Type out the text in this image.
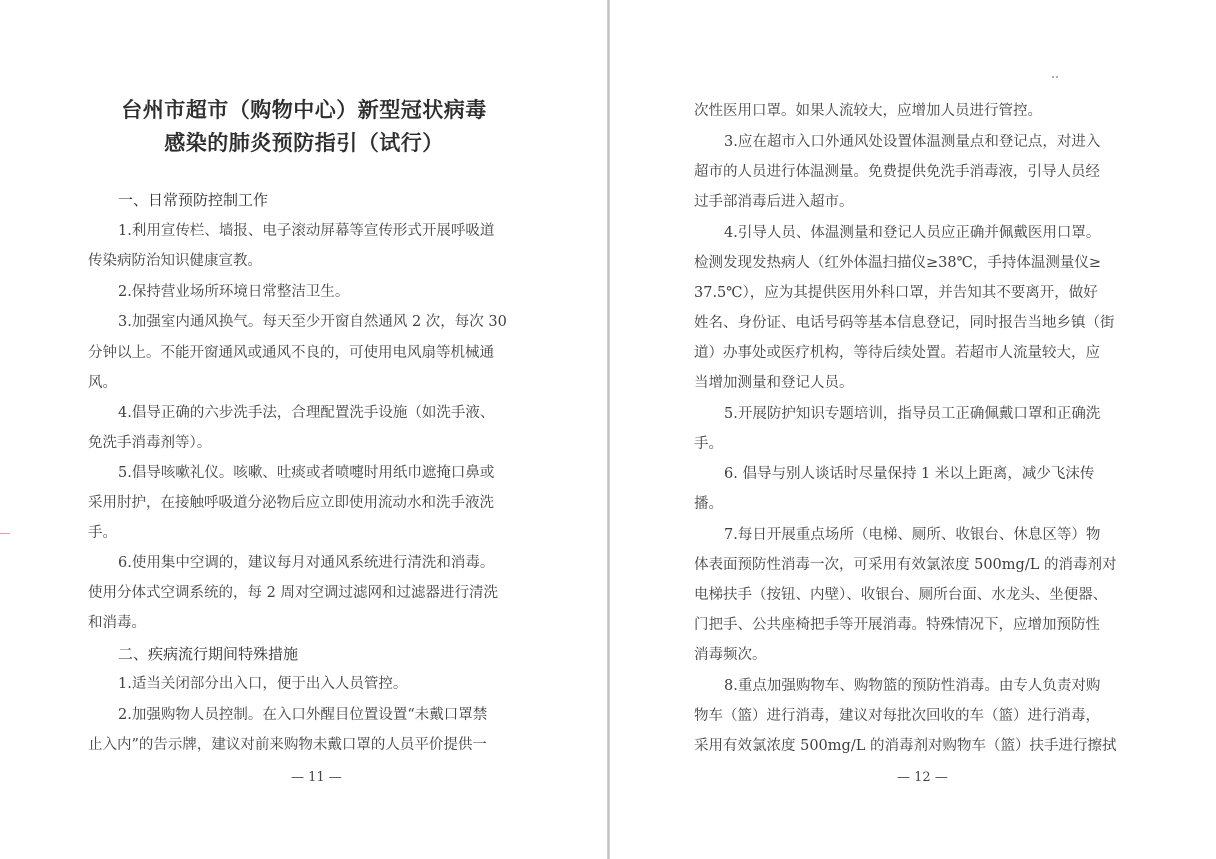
台州市超市（购物中心）新型冠状病毒
感染的肺炎预防指引（试行）
一、日常预防控制工作
1.利用宣传栏、墙报、电子滚动屏幕等宣传形式开展呼吸道
传染病防治知识健康宣教。
2.保持营业场所环境日常整洁卫生。
3.加强室内通风换气。每天至少开窗自然通风 2 次，每次 30
分钟以上。不能开窗通风或通风不良的，可使用电风扇等机械通
风。
4.倡导正确的六步洗手法，合理配置洗手设施（如洗手液、
免洗手消毒剂等）。
5.倡导咳嗽礼仪。咳嗽、吐痰或者喷嚏时用纸巾遮掩口鼻或
采用肘护，在接触呼吸道分泌物后应立即使用流动水和洗手液洗
手。
6.使用集中空调的，建议每月对通风系统进行清洗和消毒。
使用分体式空调系统的，每 2 周对空调过滤网和过滤器进行清洗
和消毒。
二、疾病流行期间特殊措施
1.适当关闭部分出入口，便于出入人员管控。
2.加强购物人员控制。在入口外醒目位置设置“未戴口罩禁
止入内”的告示牌，建议对前来购物未戴口罩的人员平价提供一
— 11 —
次性医用口罩。如果人流较大，应增加人员进行管控。
3.应在超市入口外通风处设置体温测量点和登记点，对进入
超市的人员进行体温测量。免费提供免洗手消毒液，引导人员经
过手部消毒后进入超市。
4.引导人员、体温测量和登记人员应正确并佩戴医用口罩。
检测发现发热病人（红外体温扫描仪≥38℃，手持体温测量仪≥
37.5℃），应为其提供医用外科口罩，并告知其不要离开，做好
姓名、身份证、电话号码等基本信息登记，同时报告当地乡镇（街
道）办事处或医疗机构，等待后续处置。若超市人流量较大，应
当增加测量和登记人员。
5.开展防护知识专题培训，指导员工正确佩戴口罩和正确洗
手。
6. 倡导与别人谈话时尽量保持 1 米以上距离，减少飞沫传
播。
7.每日开展重点场所（电梯、厕所、收银台、休息区等）物
体表面预防性消毒一次，可采用有效氯浓度 500mg/L 的消毒剂对
电梯扶手（按钮、内壁）、收银台、厕所台面、水龙头、坐便器、
门把手、公共座椅把手等开展消毒。特殊情况下，应增加预防性
消毒频次。
8.重点加强购物车、购物篮的预防性消毒。由专人负责对购
物车（篮）进行消毒，建议对每批次回收的车（篮）进行消毒，
采用有效氯浓度 500mg/L 的消毒剂对购物车（篮）扶手进行擦拭
— 12 —
